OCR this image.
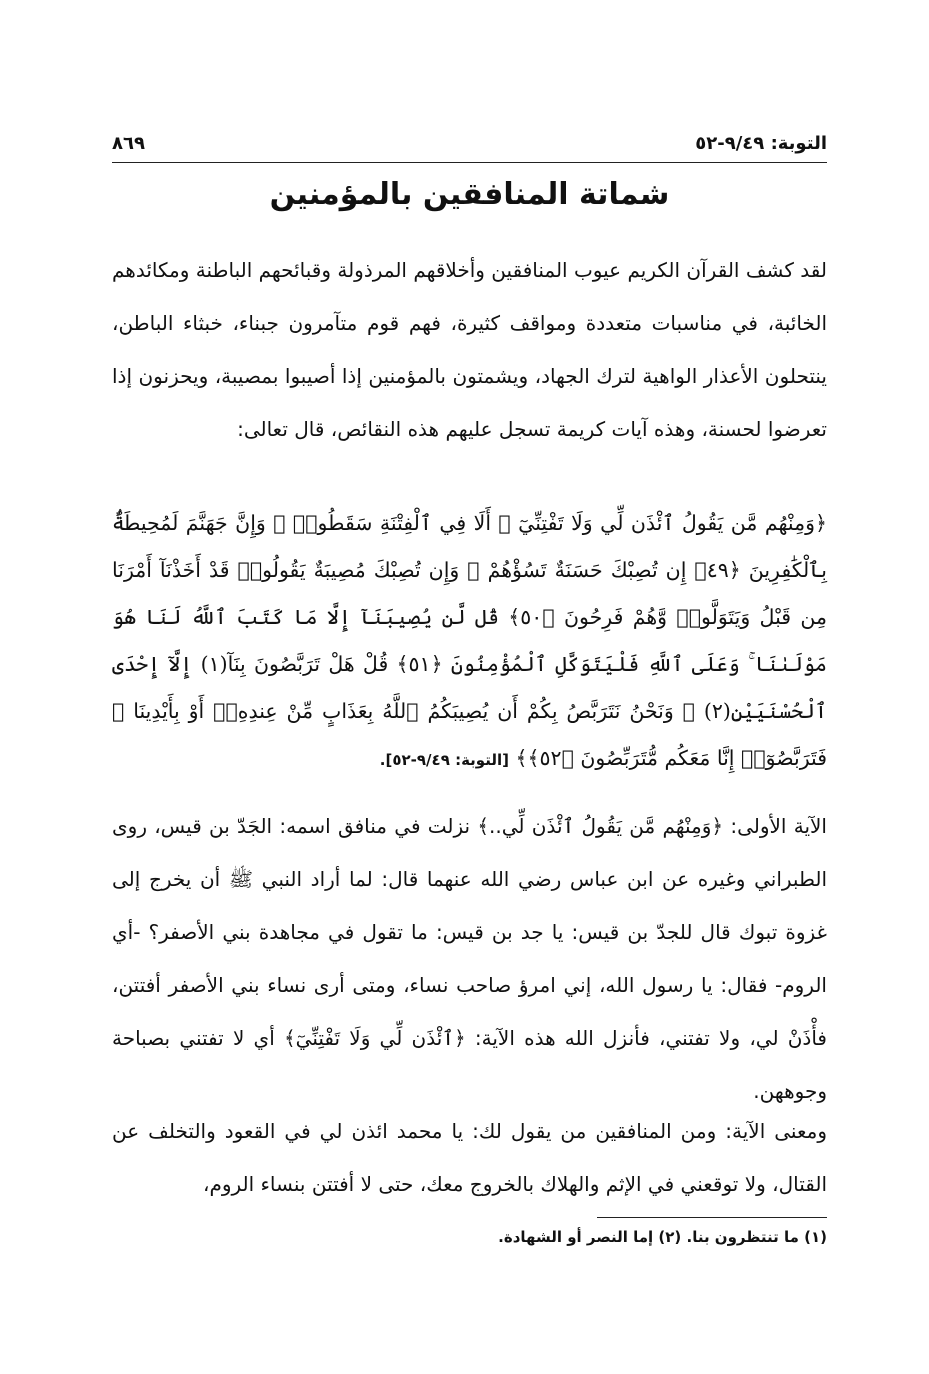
التوبة: ٩/٤٩-٥٢
٨٦٩
شماتة المنافقين بالمؤمنين
لقد كشف القرآن الكريم عيوب المنافقين وأخلاقهم المرذولة وقبائحهم الباطنة ومكائدهم الخائبة، في مناسبات متعددة ومواقف كثيرة، فهم قوم متآمرون جبناء، خبثاء الباطن، ينتحلون الأعذار الواهية لترك الجهاد، ويشمتون بالمؤمنين إذا أصيبوا بمصيبة، ويحزنون إذا تعرضوا لحسنة، وهذه آيات كريمة تسجل عليهم هذه النقائص، قال تعالى:
﴿وَمِنْهُم مَّن يَقُولُ ٱئْذَن لِّي وَلَا تَفْتِنِّيٓ ۚ أَلَا فِي ٱلْفِتْنَةِ سَقَطُوا۟ ۗ وَإِنَّ جَهَنَّمَ لَمُحِيطَةٌۢ بِٱلْكَٰفِرِينَ ﴿٤٩﴾ إِن تُصِبْكَ حَسَنَةٌ تَسُؤْهُمْ ۖ وَإِن تُصِبْكَ مُصِيبَةٌ يَقُولُوا۟ قَدْ أَخَذْنَآ أَمْرَنَا مِن قَبْلُ وَيَتَوَلَّوا۟ وَّهُمْ فَرِحُونَ ﴿٥٠﴾ قُل لَّن يُصِيبَنَآ إِلَّا مَا كَتَبَ ٱللَّهُ لَنَا هُوَ مَوْلَىٰنَا ۚ وَعَلَى ٱللَّهِ فَلْيَتَوَكَّلِ ٱلْمُؤْمِنُونَ ﴿٥١﴾ قُلْ هَلْ تَرَبَّصُونَ بِنَآ(١) إِلَّآ إِحْدَى ٱلْحُسْنَيَيْنِ(٢) ۖ وَنَحْنُ نَتَرَبَّصُ بِكُمْ أَن يُصِيبَكُمُ ٱللَّهُ بِعَذَابٍ مِّنْ عِندِهِۦٓ أَوْ بِأَيْدِينَا ۖ فَتَرَبَّصُوٓا۟ إِنَّا مَعَكُم مُّتَرَبِّصُونَ ﴿٥٢﴾﴾ [التوبة: ٩/٤٩-٥٢].
الآية الأولى: ﴿وَمِنْهُم مَّن يَقُولُ ٱئْذَن لِّي..﴾ نزلت في منافق اسمه: الجَدّ بن قيس، روى الطبراني وغيره عن ابن عباس رضي الله عنهما قال: لما أراد النبي ﷺ أن يخرج إلى غزوة تبوك قال للجدّ بن قيس: يا جد بن قيس: ما تقول في مجاهدة بني الأصفر؟ -أي الروم- فقال: يا رسول الله، إني امرؤ صاحب نساء، ومتى أرى نساء بني الأصفر أفتتن، فأْذَنْ لي، ولا تفتني، فأنزل الله هذه الآية: ﴿ٱئْذَن لِّي وَلَا تَفْتِنِّيٓ﴾ أي لا تفتني بصباحة وجوههن.
ومعنى الآية: ومن المنافقين من يقول لك: يا محمد ائذن لي في القعود والتخلف عن القتال، ولا توقعني في الإثم والهلاك بالخروج معك، حتى لا أفتتن بنساء الروم،
(١) ما تنتظرون بنا. (٢) إما النصر أو الشهادة.
